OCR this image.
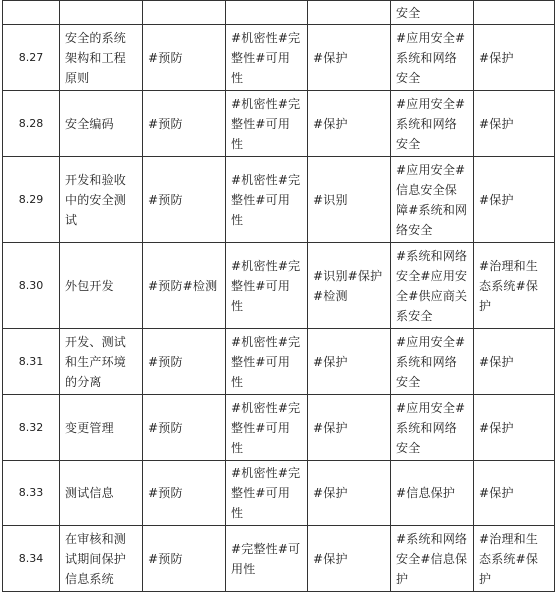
					安全	
8.27	安全的系统架构和工程原则	#预防	#机密性#完整性#可用性	#保护	#应用安全#系统和网络安全	#保护
8.28	安全编码	#预防	#机密性#完整性#可用性	#保护	#应用安全#系统和网络安全	#保护
8.29	开发和验收中的安全测试	#预防	#机密性#完整性#可用性	#识别	#应用安全#信息安全保障#系统和网络安全	#保护
8.30	外包开发	#预防#检测	#机密性#完整性#可用性	#识别#保护#检测	#系统和网络安全#应用安全#供应商关系安全	#治理和生态系统#保护
8.31	开发、测试和生产环境的分离	#预防	#机密性#完整性#可用性	#保护	#应用安全#系统和网络安全	#保护
8.32	变更管理	#预防	#机密性#完整性#可用性	#保护	#应用安全#系统和网络安全	#保护
8.33	测试信息	#预防	#机密性#完整性#可用性	#保护	#信息保护	#保护
8.34	在审核和测试期间保护信息系统	#预防	#完整性#可用性	#保护	#系统和网络安全#信息保护	#治理和生态系统#保护
